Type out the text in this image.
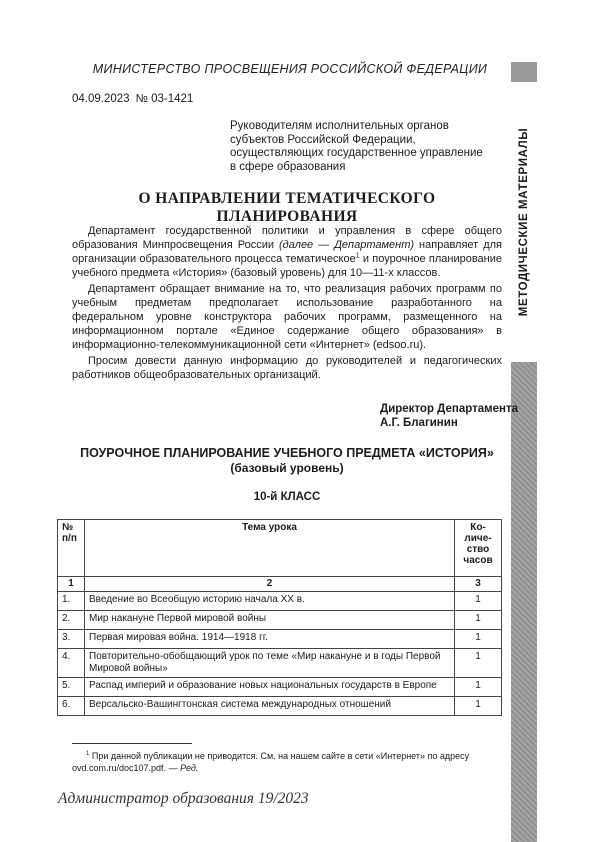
МЕТОДИЧЕСКИЕ МАТЕРИАЛЫ
МИНИСТЕРСТВО ПРОСВЕЩЕНИЯ РОССИЙСКОЙ ФЕДЕРАЦИИ
04.09.2023 № 03-1421
Руководителям исполнительных органов
субъектов Российской Федерации,
осуществляющих государственное управление
в сфере образования
О НАПРАВЛЕНИИ ТЕМАТИЧЕСКОГО ПЛАНИРОВАНИЯ

Департамент государственной политики и управления в сфере общего образования Минпросвещения России (далее — Департамент) направляет для организации образовательного процесса тематическое$^1$ и поурочное планирование учебного предмета «История» (базовый уровень) для 10—11-х классов.

Департамент обращает внимание на то, что реализация рабочих программ по учебным предметам предполагает использование разработанного на федеральном уровне конструктора рабочих программ, размещенного на информационном портале «Единое содержание общего образования» в информационно-телекоммуникационной сети «Интернет» (edsoo.ru).

Просим довести данную информацию до руководителей и педагогических работников общеобразовательных организаций.

Директор Департамента
А.Г. Благинин
ПОУРОЧНОЕ ПЛАНИРОВАНИЕ УЧЕБНОГО ПРЕДМЕТА «ИСТОРИЯ»
(базовый уровень)
10-й КЛАСС
№ п/п	Тема урока	Ко-личе-ство часов
1	2	3
1.	Введение во Всеобщую историю начала XX в.	1
2.	Мир накануне Первой мировой войны	1
3.	Первая мировая война. 1914—1918 гг.	1
4.	Повторительно-обобщающий урок по теме «Мир накануне и в годы Первой Мировой войны»	1
5.	Распад империй и образование новых национальных государств в Европе	1
6.	Версальско-Вашингтонская система международных отношений	1
$^1$ При данной публикации не приводится. См. на нашем сайте в сети «Интернет» по адресу ovd.com.ru/doc107.pdf. — Ред.
Администратор образования 19/2023
